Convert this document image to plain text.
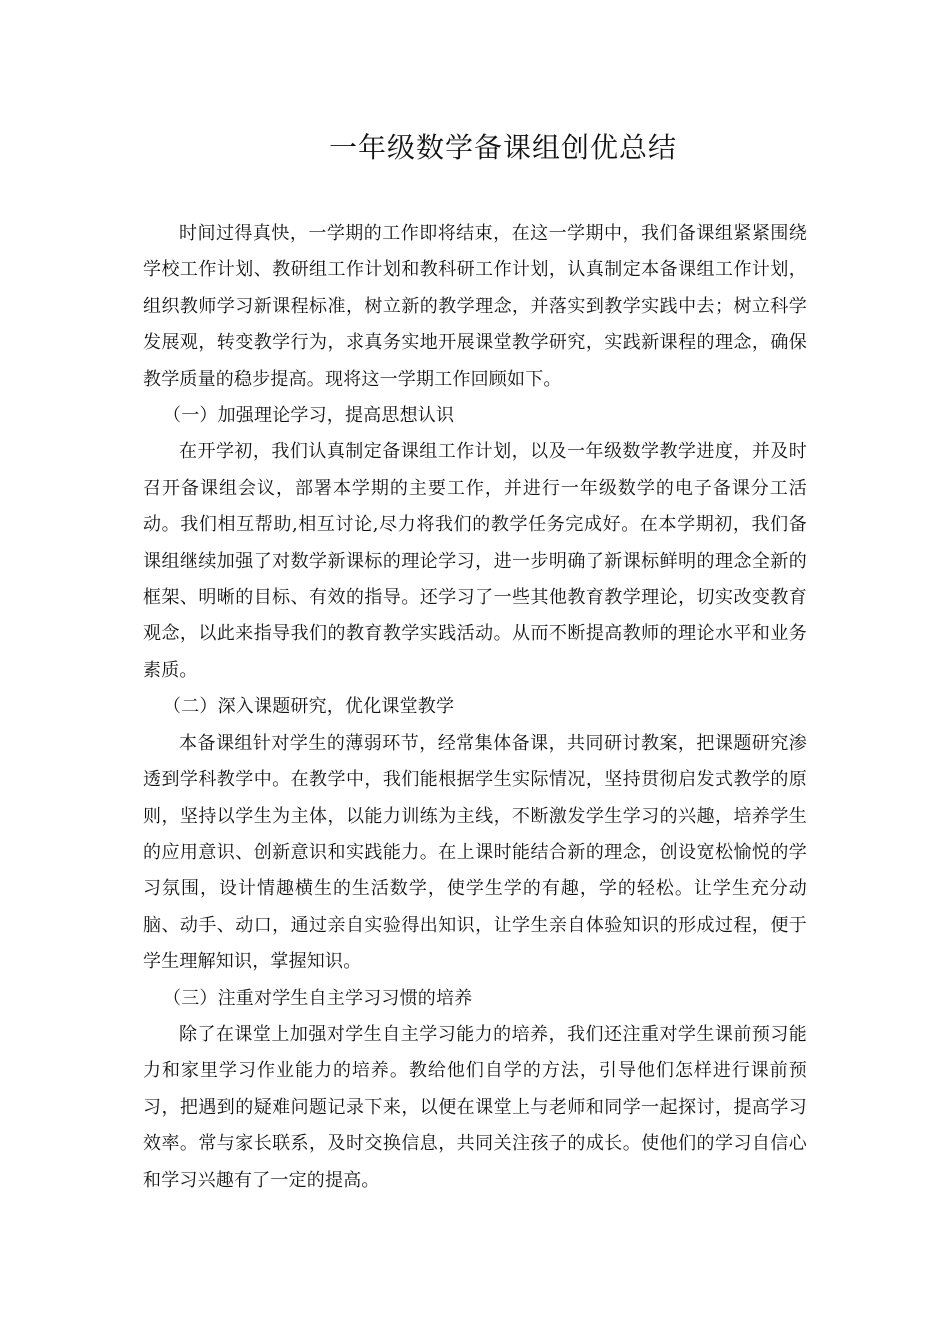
一年级数学备课组创优总结

时间过得真快，一学期的工作即将结束，在这一学期中，我们备课组紧紧围绕学校工作计划、教研组工作计划和教科研工作计划，认真制定本备课组工作计划，组织教师学习新课程标准，树立新的教学理念，并落实到教学实践中去；树立科学发展观，转变教学行为，求真务实地开展课堂教学研究，实践新课程的理念，确保教学质量的稳步提高。现将这一学期工作回顾如下。

（一）加强理论学习，提高思想认识

在开学初，我们认真制定备课组工作计划，以及一年级数学教学进度，并及时召开备课组会议，部署本学期的主要工作，并进行一年级数学的电子备课分工活动。我们相互帮助,相互讨论,尽力将我们的教学任务完成好。在本学期初，我们备课组继续加强了对数学新课标的理论学习，进一步明确了新课标鲜明的理念全新的框架、明晰的目标、有效的指导。还学习了一些其他教育教学理论，切实改变教育观念，以此来指导我们的教育教学实践活动。从而不断提高教师的理论水平和业务素质。

（二）深入课题研究，优化课堂教学

本备课组针对学生的薄弱环节，经常集体备课，共同研讨教案，把课题研究渗透到学科教学中。在教学中，我们能根据学生实际情况，坚持贯彻启发式教学的原则，坚持以学生为主体，以能力训练为主线，不断激发学生学习的兴趣，培养学生的应用意识、创新意识和实践能力。在上课时能结合新的理念，创设宽松愉悦的学习氛围，设计情趣横生的生活数学，使学生学的有趣，学的轻松。让学生充分动脑、动手、动口，通过亲自实验得出知识，让学生亲自体验知识的形成过程，便于学生理解知识，掌握知识。

（三）注重对学生自主学习习惯的培养

除了在课堂上加强对学生自主学习能力的培养，我们还注重对学生课前预习能力和家里学习作业能力的培养。教给他们自学的方法，引导他们怎样进行课前预习，把遇到的疑难问题记录下来，以便在课堂上与老师和同学一起探讨，提高学习效率。常与家长联系，及时交换信息，共同关注孩子的成长。使他们的学习自信心和学习兴趣有了一定的提高。
